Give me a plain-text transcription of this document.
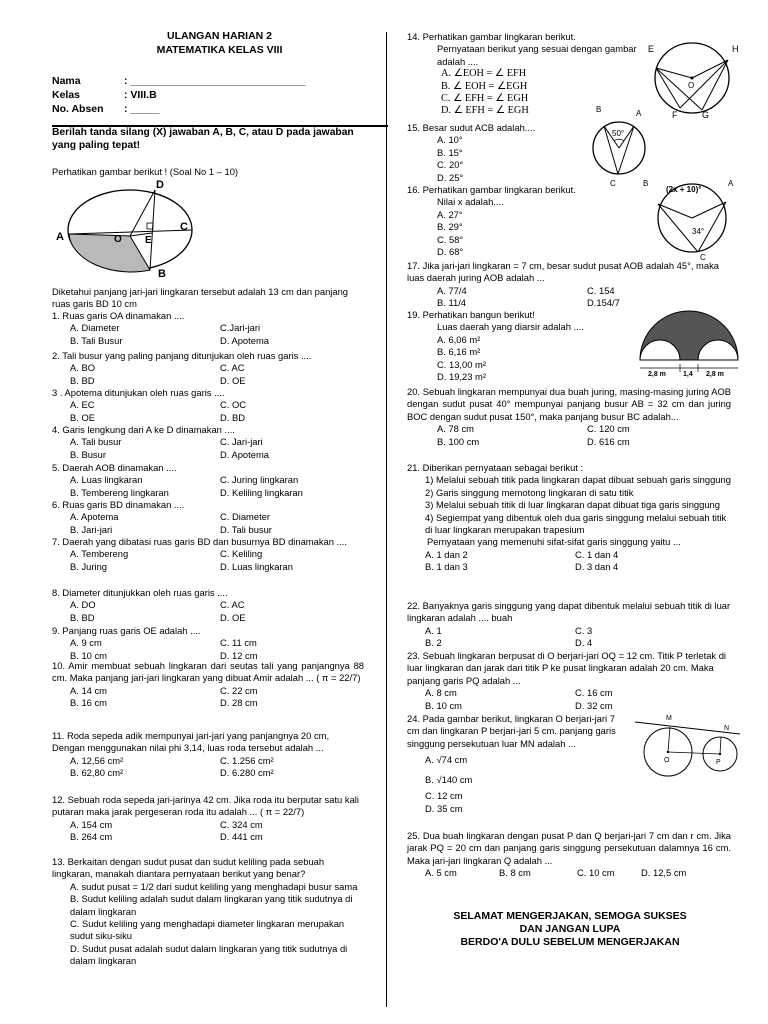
ULANGAN HARIAN 2
MATEMATIKA KELAS VIII
Nama	: ______________________________
Kelas	: VIII.B
No. Absen : _____
Berilah tanda silang (X) jawaban A, B, C, atau D pada jawaban yang paling tepat!
Perhatikan gambar berikut ! (Soal No 1 – 10)
D
A	O E
C
B
Diketahui panjang jari-jari lingkaran tersebut adalah 13 cm dan panjang ruas garis BD 10 cm
1. Ruas garis OA dinamakan ....
A. Diameter	C.Jari-jari
B. Tali Busur	D. Apotema
2. Tali busur yang paling panjang ditunjukan oleh ruas garis ....
A. BO	C. AC
B. BD	D. OE
3 . Apotema ditunjukan oleh ruas garis ....
A. EC	C. OC
B. OE	D. BD
4. Garis lengkung dari A ke D dinamakan ....
A. Tali busur	C. Jari-jari
B. Busur	D. Apotema
5. Daerah AOB dinamakan ....
A. Luas lingkaran	C. Juring lingkaran
B. Tembereng lingkaran	D. Keliling lingkaran
6. Ruas garis BD dinamakan ....
A. Apotema	C. Diameter
B. Jari-jari	D. Tali busur
7. Daerah yang dibatasi ruas garis BD dan busurnya BD dinamakan ....
A. Tembereng	C. Keliling
B. Juring	D. Luas lingkaran
8. Diameter ditunjukkan oleh ruas garis ....
A. DO	C. AC
B. BD	D. OE
9. Panjang ruas garis OE adalah ....
A. 9 cm	C. 11 cm
B. 10 cm	D. 12 cm
10. Amir membuat sebuah lingkaran dari seutas tali yang panjangnya 88 cm. Maka panjang jari-jari lingkaran yang dibuat Amir adalah ... ( π = 22/7)
A. 14 cm	C. 22 cm
B. 16 cm	D. 28 cm
11. Roda sepeda adik mempunyai jari-jari yang panjangnya 20 cm, Dengan menggunakan nilai phi 3,14, luas roda tersebut adalah ...
A. 12,56 cm²	C. 1.256 cm²
B. 62,80 cm²	D. 6.280 cm²
12. Sebuah roda sepeda jari-jarinya 42 cm. Jika roda itu berputar satu kali putaran maka jarak pergeseran roda itu adalah ... ( π = 22/7)
A. 154 cm	C. 324 cm
B. 264 cm	D. 441 cm
13. Berkaitan dengan sudut pusat dan sudut keliling pada sebuah lingkaran, manakah diantara pernyataan berikut yang benar?
A. sudut pusat = 1/2 dari sudut keliling yang menghadapi busur sama
B. Sudut keliling adalah sudut dalam lingkaran yang titik sudutnya di dalam lingkaran
C. Sudut keliling yang menghadapi diameter lingkaran merupakan sudut siku-siku
D. Sudut pusat adalah sudut dalam lingkaran yang titik sudutnya di dalam lingkaran
14. Perhatikan gambar lingkaran berikut.
Pernyataan berikut yang sesuai dengan gambar adalah ....
A. ∠EOH = ∠ EFH
B. ∠ EOH = ∠EGH
C. ∠ EFH = ∠ EGH
D. ∠ EFH = ∠ EGH
E	H
O
F	G
15. Besar sudut ACB adalah....
A. 10°
B. 15°
C. 20°
D. 25°
B	A
50°
C
16. Perhatikan gambar lingkaran berikut.
Nilai x adalah....
A. 27°
B. 29°
C. 58°
D. 68°
B
(2x + 10)°
A
34°
C
17. Jika jari-jari lingkaran = 7 cm, besar sudut pusat AOB adalah 45°, maka luas daerah juring AOB adalah ...
A. 77/4	C. 154
B. 11/4	D.154/7
19. Perhatikan bangun berikut!
Luas daerah yang diarsir adalah ....
A. 6,06 m²
B. 6,16 m²
C. 13,00 m²
D. 19,23 m²	2,8 m 1,4 2,8 m
20. Sebuah lingkaran mempunyai dua buah juring, masing-masing juring AOB dengan sudut pusat 40° mempunyai panjang busur AB = 32 cm dan juring BOC dengan sudut pusat 150°, maka panjang busur BC adalah...
A. 78 cm	C. 120 cm
B. 100 cm	D. 616 cm
21. Diberikan pernyataan sebagai berikut :
1) Melalui sebuah titik pada lingkaran dapat dibuat sebuah garis singgung
2) Garis singgung memotong lingkaran di satu titik
3) Melalui sebuah titik di luar lingkaran dapat dibuat tiga garis singgung
4) Segiempat yang dibentuk oleh dua garis singgung melalui sebuah titik di luar lingkaran merupakan trapesium
Pernyataan yang memenuhi sifat-sifat garis singgung yaitu ...
A. 1 dan 2	C. 1 dan 4
B. 1 dan 3	D. 3 dan 4
22. Banyaknya garis singgung yang dapat dibentuk melalui sebuah titik di luar lingkaran adalah .... buah
A. 1	C. 3
B. 2	D. 4
23. Sebuah lingkaran berpusat di O berjari-jari OQ = 12 cm. Titik P terletak di luar lingkaran dan jarak dari titik P ke pusat lingkaran adalah 20 cm. Maka panjang garis PQ adalah ...
A. 8 cm	C. 16 cm
B. 10 cm	D. 32 cm
24. Pada gambar berikut, lingkaran O berjari-jari 7 cm dan lingkaran P berjari-jari 5 cm. panjang garis singgung persekutuan luar MN adalah ...
A. √74 cm
B. √140 cm
C. 12 cm
D. 35 cm
M
N
O	P
25. Dua buah lingkaran dengan pusat P dan Q berjari-jari 7 cm dan r cm. Jika jarak PQ = 20 cm dan panjang garis singgung persekutuan dalamnya 16 cm. Maka jari-jari lingkaran Q adalah ...
A. 5 cm	B. 8 cm	C. 10 cm	D. 12,5 cm
SELAMAT MENGERJAKAN, SEMOGA SUKSES
DAN JANGAN LUPA
BERDO'A DULU SEBELUM MENGERJAKAN
